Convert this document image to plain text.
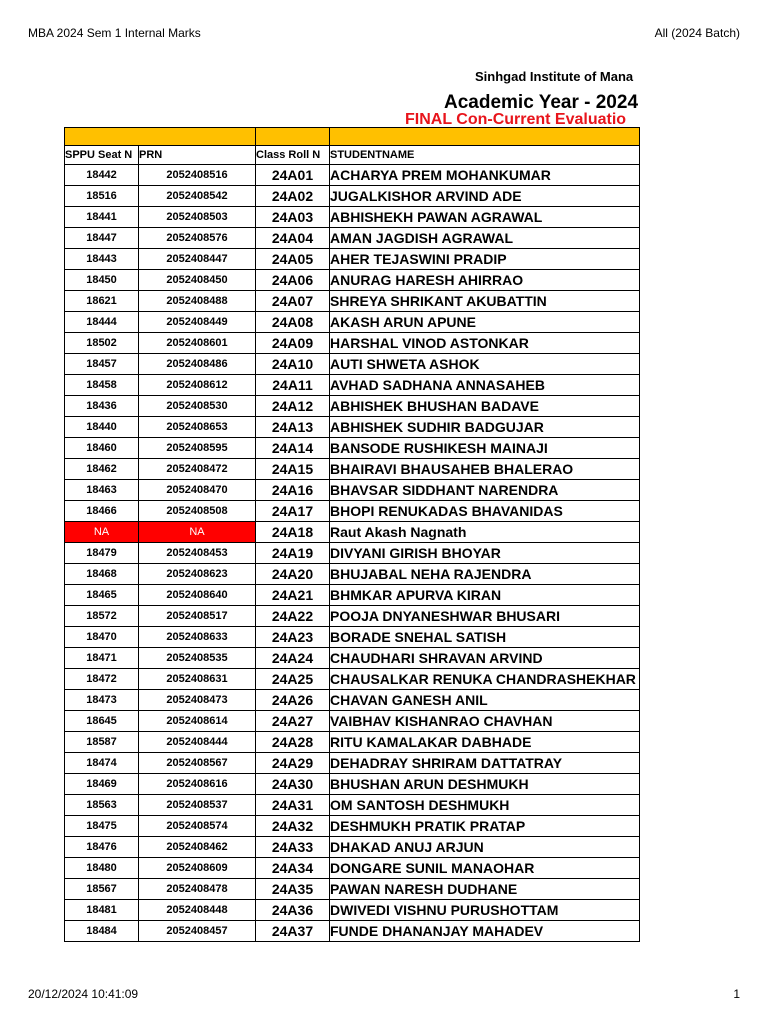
MBA 2024 Sem 1 Internal Marks	All (2024 Batch)
Sinhgad Institute of Mana
Academic Year - 2024
FINAL Con-Current Evaluatio

SPPU Seat N	PRN	Class Roll N	STUDENTNAME
18442	2052408516	24A01	ACHARYA PREM MOHANKUMAR
18516	2052408542	24A02	JUGALKISHOR ARVIND ADE
18441	2052408503	24A03	ABHISHEKH PAWAN AGRAWAL
18447	2052408576	24A04	AMAN JAGDISH AGRAWAL
18443	2052408447	24A05	AHER TEJASWINI PRADIP
18450	2052408450	24A06	ANURAG HARESH AHIRRAO
18621	2052408488	24A07	SHREYA SHRIKANT AKUBATTIN
18444	2052408449	24A08	AKASH ARUN APUNE
18502	2052408601	24A09	HARSHAL VINOD ASTONKAR
18457	2052408486	24A10	AUTI SHWETA ASHOK
18458	2052408612	24A11	AVHAD SADHANA ANNASAHEB
18436	2052408530	24A12	ABHISHEK BHUSHAN BADAVE
18440	2052408653	24A13	ABHISHEK SUDHIR BADGUJAR
18460	2052408595	24A14	BANSODE RUSHIKESH MAINAJI
18462	2052408472	24A15	BHAIRAVI BHAUSAHEB BHALERAO
18463	2052408470	24A16	BHAVSAR SIDDHANT NARENDRA
18466	2052408508	24A17	BHOPI RENUKADAS BHAVANIDAS
NA	NA	24A18	Raut Akash Nagnath
18479	2052408453	24A19	DIVYANI GIRISH BHOYAR
18468	2052408623	24A20	BHUJABAL NEHA RAJENDRA
18465	2052408640	24A21	BHMKAR APURVA KIRAN
18572	2052408517	24A22	POOJA DNYANESHWAR BHUSARI
18470	2052408633	24A23	BORADE SNEHAL SATISH
18471	2052408535	24A24	CHAUDHARI SHRAVAN ARVIND
18472	2052408631	24A25	CHAUSALKAR RENUKA CHANDRASHEKHAR
18473	2052408473	24A26	CHAVAN GANESH ANIL
18645	2052408614	24A27	VAIBHAV KISHANRAO CHAVHAN
18587	2052408444	24A28	RITU KAMALAKAR DABHADE
18474	2052408567	24A29	DEHADRAY SHRIRAM DATTATRAY
18469	2052408616	24A30	BHUSHAN ARUN DESHMUKH
18563	2052408537	24A31	OM SANTOSH DESHMUKH
18475	2052408574	24A32	DESHMUKH PRATIK PRATAP
18476	2052408462	24A33	DHAKAD ANUJ ARJUN
18480	2052408609	24A34	DONGARE SUNIL MANAOHAR
18567	2052408478	24A35	PAWAN NARESH DUDHANE
18481	2052408448	24A36	DWIVEDI VISHNU PURUSHOTTAM
18484	2052408457	24A37	FUNDE DHANANJAY MAHADEV
20/12/2024 10:41:09	1
